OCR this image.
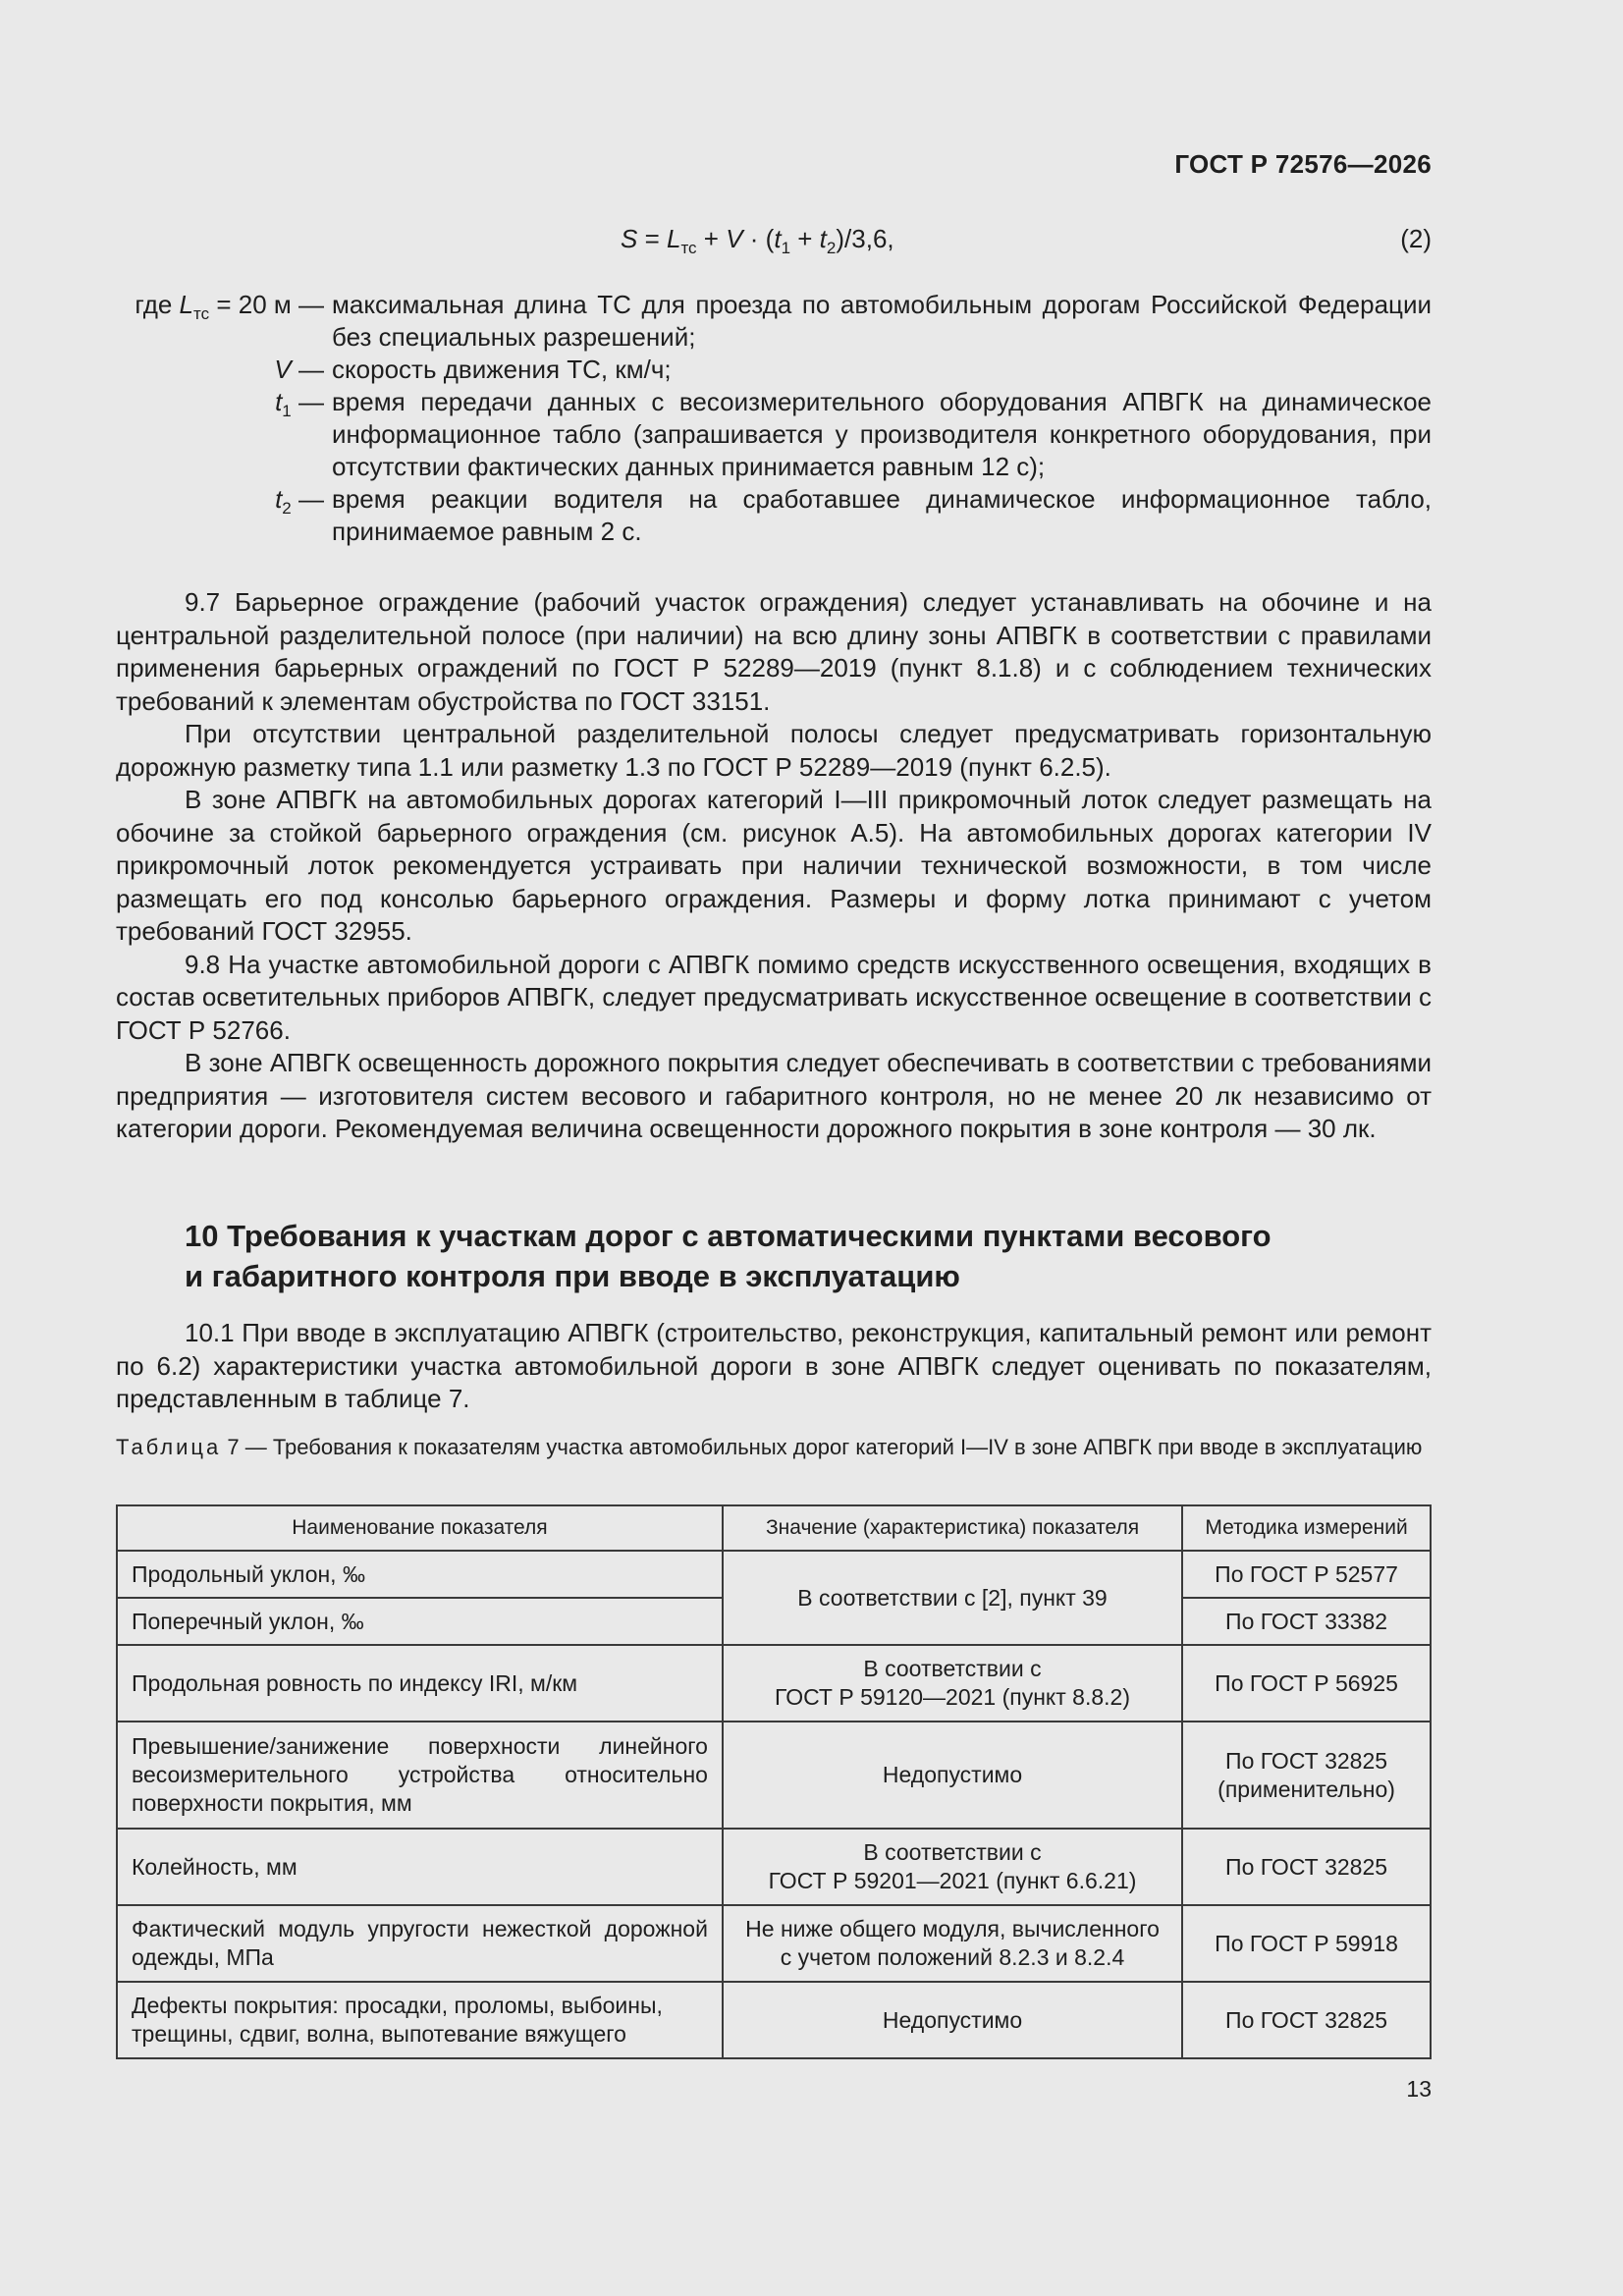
ГОСТ Р 72576—2026
$S = L_{тс} + V \cdot (t_1 + t_2)/3,6$,	(2)
где $L_{тс} = 20$ м — максимальная длина ТС для проезда по автомобильным дорогам Российской Федерации без специальных разрешений;
V — скорость движения ТС, км/ч;
$t_1$ — время передачи данных с весоизмерительного оборудования АПВГК на динамическое информационное табло (запрашивается у производителя конкретного оборудования, при отсутствии фактических данных принимается равным 12 с);
$t_2$ — время реакции водителя на сработавшее динамическое информационное табло, принимаемое равным 2 с.

9.7 Барьерное ограждение (рабочий участок ограждения) следует устанавливать на обочине и на центральной разделительной полосе (при наличии) на всю длину зоны АПВГК в соответствии с правилами применения барьерных ограждений по ГОСТ Р 52289—2019 (пункт 8.1.8) и с соблюдением технических требований к элементам обустройства по ГОСТ 33151.

При отсутствии центральной разделительной полосы следует предусматривать горизонтальную дорожную разметку типа 1.1 или разметку 1.3 по ГОСТ Р 52289—2019 (пункт 6.2.5).

В зоне АПВГК на автомобильных дорогах категорий I—III прикромочный лоток следует размещать на обочине за стойкой барьерного ограждения (см. рисунок А.5). На автомобильных дорогах категории IV прикромочный лоток рекомендуется устраивать при наличии технической возможности, в том числе размещать его под консолью барьерного ограждения. Размеры и форму лотка принимают с учетом требований ГОСТ 32955.

9.8 На участке автомобильной дороги с АПВГК помимо средств искусственного освещения, входящих в состав осветительных приборов АПВГК, следует предусматривать искусственное освещение в соответствии с ГОСТ Р 52766.

В зоне АПВГК освещенность дорожного покрытия следует обеспечивать в соответствии с требованиями предприятия — изготовителя систем весового и габаритного контроля, но не менее 20 лк независимо от категории дороги. Рекомендуемая величина освещенности дорожного покрытия в зоне контроля — 30 лк.

10 Требования к участкам дорог с автоматическими пунктами весового
и габаритного контроля при вводе в эксплуатацию

10.1 При вводе в эксплуатацию АПВГК (строительство, реконструкция, капитальный ремонт или ремонт по 6.2) характеристики участка автомобильной дороги в зоне АПВГК следует оценивать по показателям, представленным в таблице 7.

Таблица 7 — Требования к показателям участка автомобильных дорог категорий I—IV в зоне АПВГК при вводе в эксплуатацию
Наименование показателя	Значение (характеристика) показателя	Методика измерений
Продольный уклон, ‰	В соответствии с [2], пункт 39	По ГОСТ Р 52577
Поперечный уклон, ‰		По ГОСТ 33382
Продольная ровность по индексу IRI, м/км	В соответствии с
ГОСТ Р 59120—2021 (пункт 8.8.2)	По ГОСТ Р 56925
Превышение/занижение поверхности линейного весоизмерительного устройства относительно поверхности покрытия, мм	Недопустимо	По ГОСТ 32825
(применительно)

Колейность, мм	В соответствии с
ГОСТ Р 59201—2021 (пункт 6.6.21)	По ГОСТ 32825
Фактический модуль упругости нежесткой дорожной одежды, МПа	Не ниже общего модуля, вычисленного с учетом положений 8.2.3 и 8.2.4	По ГОСТ Р 59918
Дефекты покрытия: просадки, проломы, выбоины, трещины, сдвиг, волна, выпотевание вяжущего	Недопустимо	По ГОСТ 32825
13
